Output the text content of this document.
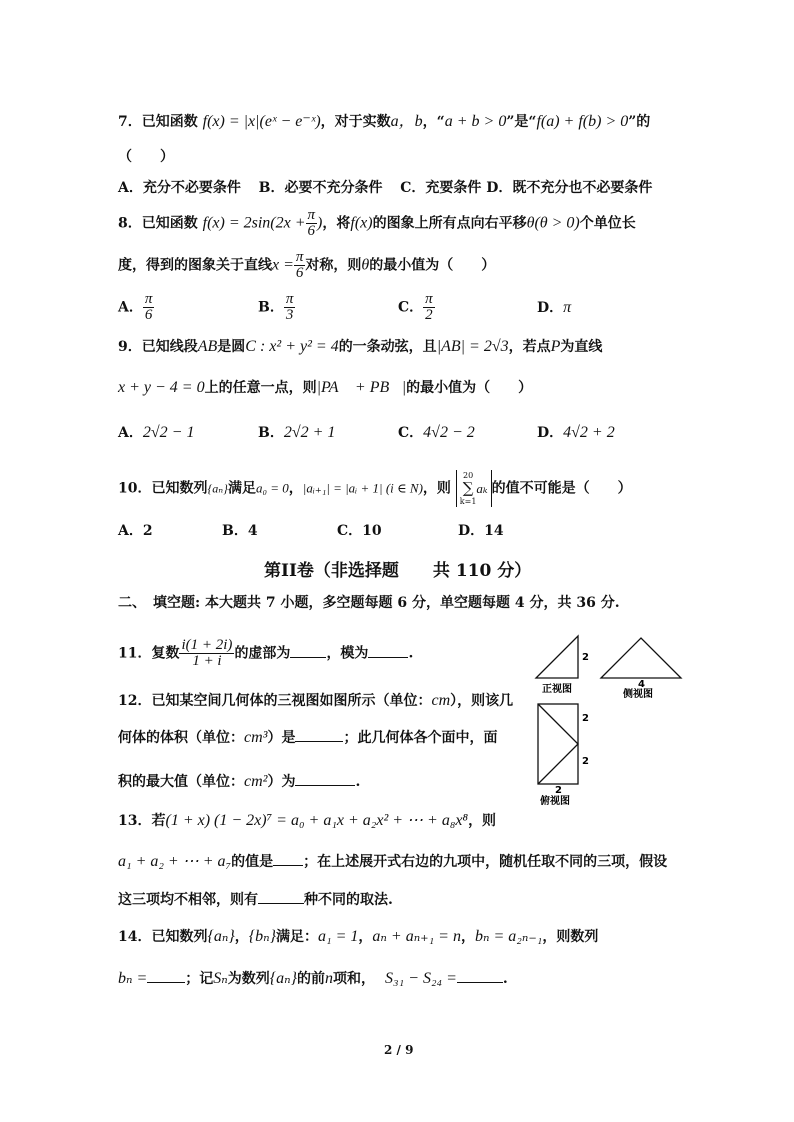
7．已知函数 f(x) = |x|(eˣ − e⁻ˣ)，对于实数a，b，“a + b > 0”是“f(a) + f(b) > 0”的
（　　）
A．充分不必要条件 B．必要不充分条件 C．充要条件 D．既不充分也不必要条件
8．已知函数 $f(x) = 2\sin(2x + \frac{\pi}{6}$ )，将f(x)的图象上所有点向右平移θ(θ > 0)个单位长
度，得到的图象关于直线$x = \frac{\pi}{6}$ 对称，则θ的最小值为（　　）
A． $\frac{\pi}{6}$	B． $\frac{\pi}{3}$	C． $\frac{\pi}{2}$	D．π
9．已知线段AB是圆C : x² + y² = 4的一条动弦，且|AB| = 2√3，若点P为直线
x + y − 4 = 0上的任意一点，则|PA⃗ + PB⃗|的最小值为（　　）
A．2√2 − 1	B．2√2 + 1	C．4√2 − 2	D．4√2 + 2
10．已知数列{aₙ}满足a₀ = 0，|aᵢ₊₁| = |aᵢ + 1| (i ∈ N)，则
20
∑
k=1
aₖ 的值不可能是（　　）
A．2	B．4	C．10	D．14
第II卷（非选择题　　共 110 分）
二、　填空题: 本大题共 7 小题，多空题每题 6 分，单空题每题 4 分，共 36 分.
11．复数 $\frac{i(1 + 2i)}{1 + i}$ 的虚部为	，模为	.
12．已知某空间几何体的三视图如图所示（单位：cm），则该几
何体的体积（单位：cm³）是	；此几何体各个面中，面
积的最大值（单位：cm²）为	.
2
正视图	4
侧视图
2
2
2
俯视图
13．若(1 + x) (1 − 2x)⁷ = a₀ + a₁x + a₂x² + ⋯ + a₈x⁸，则
a₁ + a₂ + ⋯ + a₇的值是 ；在上述展开式右边的九项中，随机任取不同的三项，假设
这三项均不相邻，则有	种不同的取法.
14．已知数列{aₙ}，{bₙ}满足：a₁ = 1，aₙ + aₙ₊₁ = n，bₙ = a₂ₙ₋₁，则数列
bₙ =	；记Sₙ为数列{aₙ}的前n项和， S₃₁ − S₂₄ =	.
2 / 9
